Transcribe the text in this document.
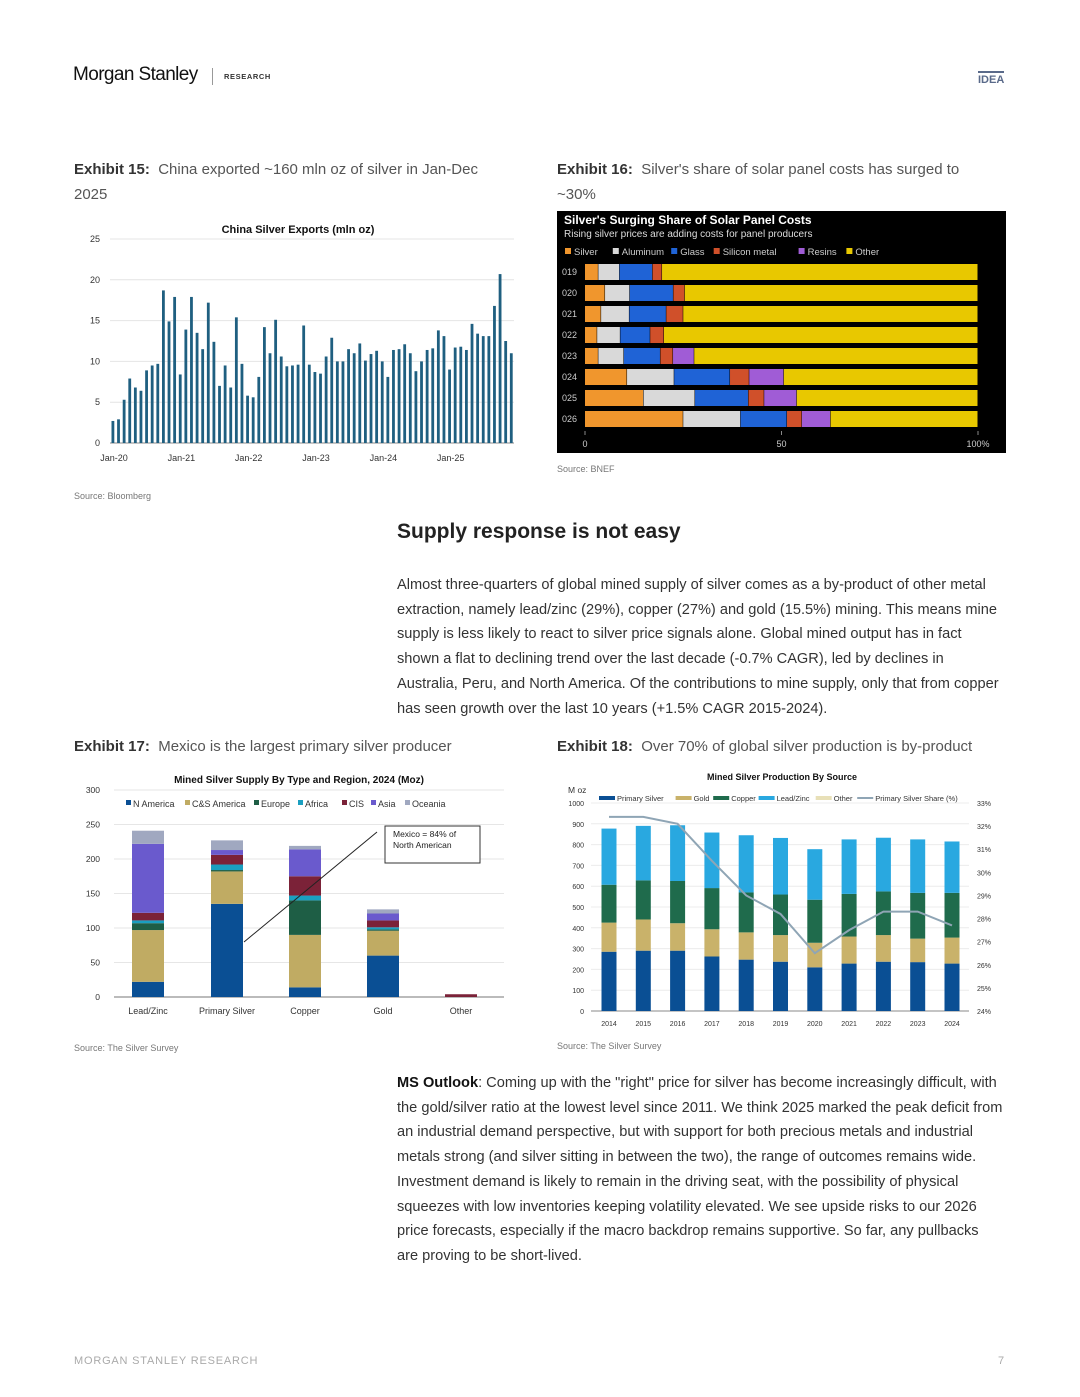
Morgan Stanley	RESEARCH	IDEA
Exhibit 15: China exported ~160 mln oz of silver in Jan-Dec 2025
China Silver Exports (mln oz)
0
5
10
15
20
25
Jan-20	Jan-21	Jan-22	Jan-23	Jan-24	Jan-25
Source: Bloomberg
Exhibit 16: Silver's share of solar panel costs has surged to ~30%
Silver's Surging Share of Solar Panel Costs
Rising silver prices are adding costs for panel producers
Silver	Aluminum Glass Silicon metal	Resins Other
019
020
021
022
023
024
025
026
0	50	100%
Source: BNEF
Supply response is not easy
Almost three-quarters of global mined supply of silver comes as a by-product of other metal extraction, namely lead/zinc (29%), copper (27%) and gold (15.5%) mining. This means mine supply is less likely to react to silver price signals alone. Global mined output has in fact shown a flat to declining trend over the last decade (-0.7% CAGR), led by declines in Australia, Peru, and North America. Of the contributions to mine supply, only that from copper has seen growth over the last 10 years (+1.5% CAGR 2015-2024).
Exhibit 17: Mexico is the largest primary silver producer
Mined Silver Supply By Type and Region, 2024 (Moz)
0
50
100
150
200
250
300
N America C&S America Europe Africa CIS Asia Oceania
Lead/Zinc	Primary Silver	Copper	Gold	Other
Mexico = 84% of
North American
Source: The Silver Survey
Exhibit 18: Over 70% of global silver production is by-product
Mined Silver Production By Source
M oz
0
100
200
300
400
500
600
700
800
900
1000
24%
25%
26%
27%
28%
29%
30%
31%
32%
33%
Primary Silver	Gold	Copper	Lead/Zinc	Other	Primary Silver Share (%)
2014	2015	2016	2017	2018	2019	2020	2021	2022	2023	2024
Source: The Silver Survey
MS Outlook: Coming up with the "right" price for silver has become increasingly difficult, with the gold/silver ratio at the lowest level since 2011. We think 2025 marked the peak deficit from an industrial demand perspective, but with support for both precious metals and industrial metals strong (and silver sitting in between the two), the range of outcomes remains wide. Investment demand is likely to remain in the driving seat, with the possibility of physical squeezes with low inventories keeping volatility elevated. We see upside risks to our 2026 price forecasts, especially if the macro backdrop remains supportive. So far, any pullbacks are proving to be short-lived.
MORGAN STANLEY RESEARCH	7
